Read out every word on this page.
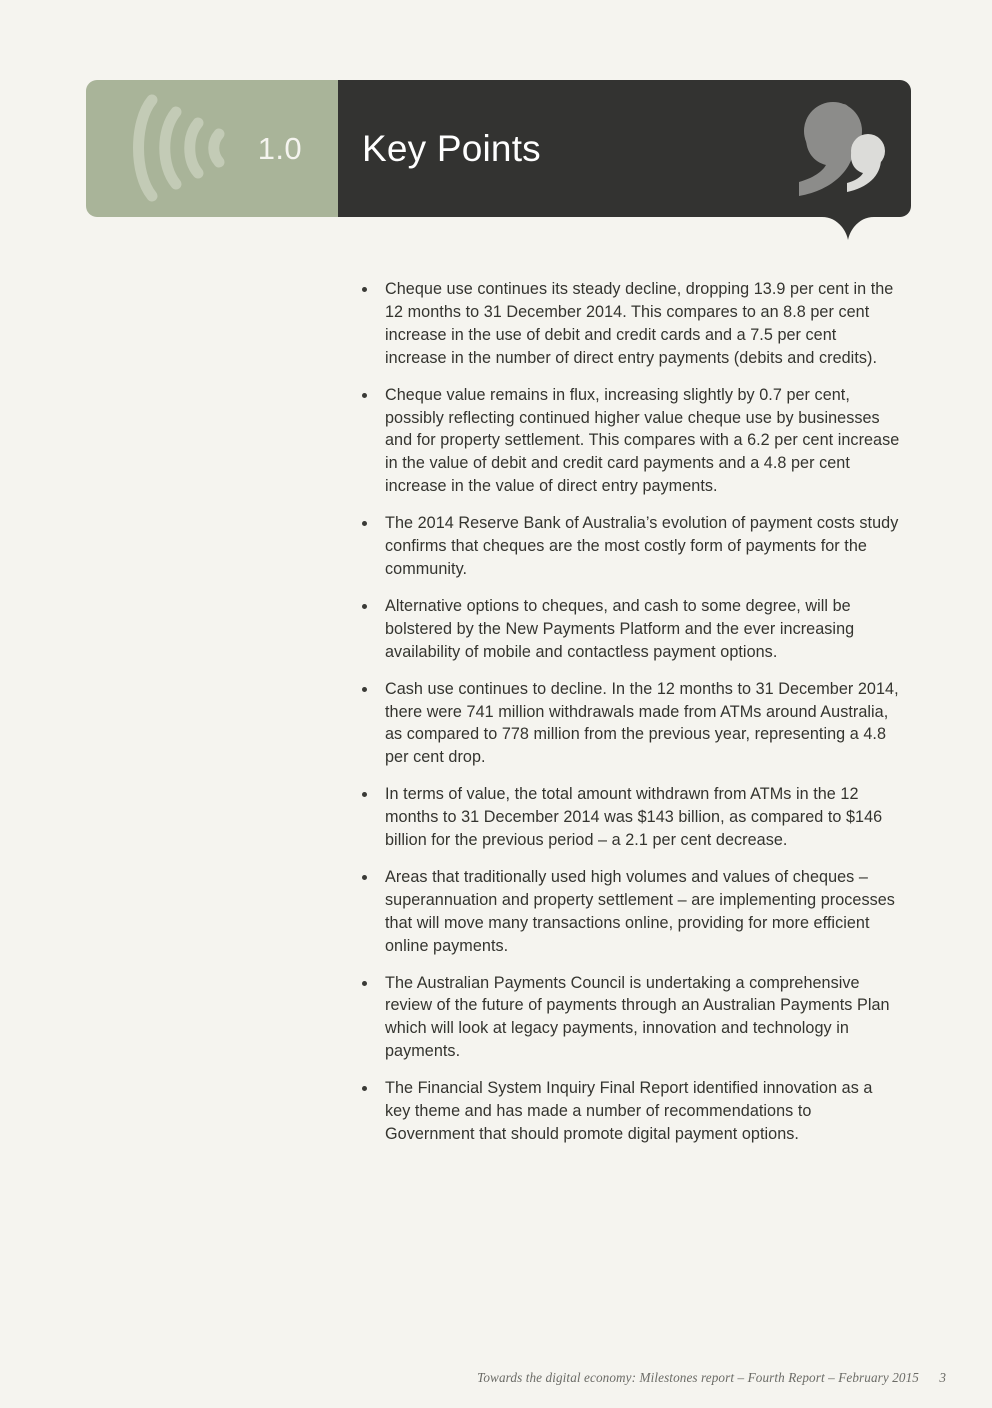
1.0	Key Points
Cheque use continues its steady decline, dropping 13.9 per cent in the 12 months to 31 December 2014. This compares to an 8.8 per cent increase in the use of debit and credit cards and a 7.5 per cent increase in the number of direct entry payments (debits and credits).
Cheque value remains in flux, increasing slightly by 0.7 per cent, possibly reflecting continued higher value cheque use by businesses and for property settlement. This compares with a 6.2 per cent increase in the value of debit and credit card payments and a 4.8 per cent increase in the value of direct entry payments.
The 2014 Reserve Bank of Australia’s evolution of payment costs study confirms that cheques are the most costly form of payments for the community.
Alternative options to cheques, and cash to some degree, will be bolstered by the New Payments Platform and the ever increasing availability of mobile and contactless payment options.
Cash use continues to decline. In the 12 months to 31 December 2014, there were 741 million withdrawals made from ATMs around Australia, as compared to 778 million from the previous year, representing a 4.8 per cent drop.
In terms of value, the total amount withdrawn from ATMs in the 12 months to 31 December 2014 was $143 billion, as compared to $146 billion for the previous period – a 2.1 per cent decrease.
Areas that traditionally used high volumes and values of cheques – superannuation and property settlement – are implementing processes that will move many transactions online, providing for more efficient online payments.
The Australian Payments Council is undertaking a comprehensive review of the future of payments through an Australian Payments Plan which will look at legacy payments, innovation and technology in payments.
The Financial System Inquiry Final Report identified innovation as a key theme and has made a number of recommendations to Government that should promote digital payment options.
Towards the digital economy: Milestones report – Fourth Report – February 2015 3
